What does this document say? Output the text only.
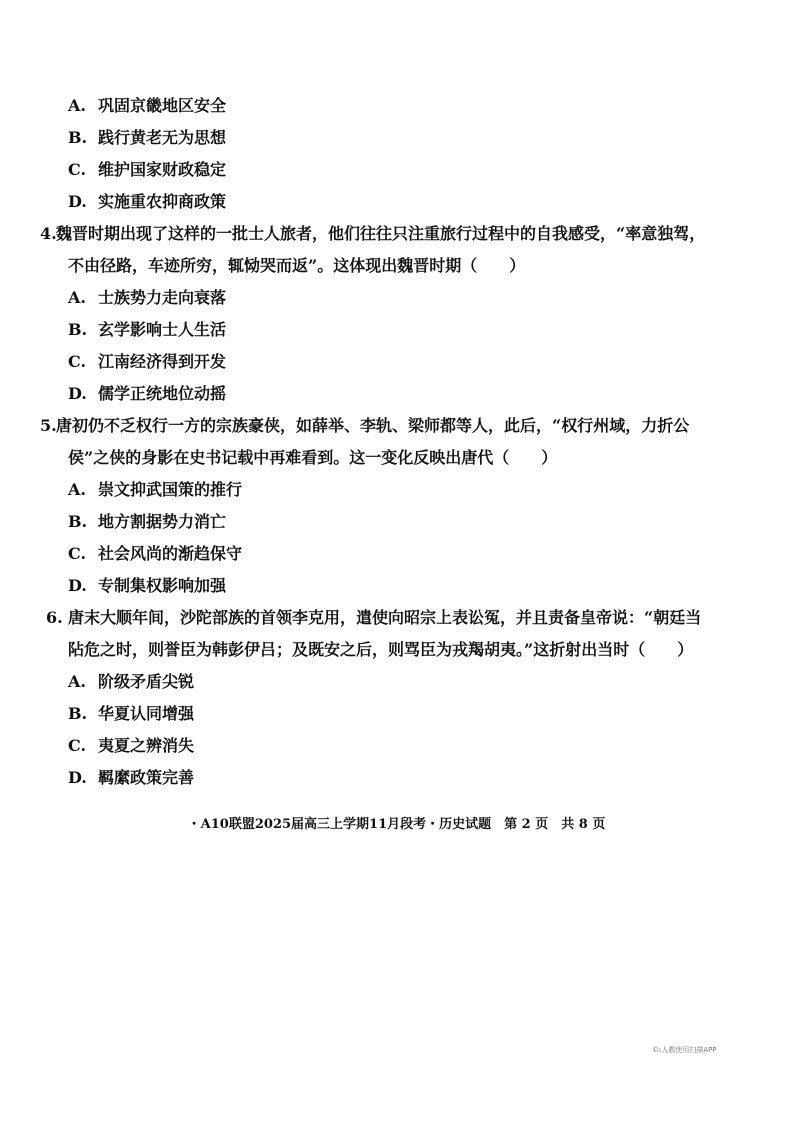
A. 巩固京畿地区安全
B. 践行黄老无为思想
C. 维护国家财政稳定
D. 实施重农抑商政策
4.魏晋时期出现了这样的一批士人旅者，他们往往只注重旅行过程中的自我感受，“率意独驾，
不由径路，车迹所穷，辄恸哭而返”。这体现出魏晋时期（　　）
A. 士族势力走向衰落
B. 玄学影响士人生活
C. 江南经济得到开发
D. 儒学正统地位动摇
5.唐初仍不乏权行一方的宗族豪侠，如薛举、李轨、梁师都等人，此后，“权行州域，力折公
侯”之侠的身影在史书记载中再难看到。这一变化反映出唐代（　　）
A. 崇文抑武国策的推行
B. 地方割据势力消亡
C. 社会风尚的渐趋保守
D. 专制集权影响加强
6. 唐末大顺年间，沙陀部族的首领李克用，遣使向昭宗上表讼冤，并且责备皇帝说：“朝廷当
阽危之时，则誉臣为韩彭伊吕；及既安之后，则骂臣为戎羯胡夷。”这折射出当时（　　）
A. 阶级矛盾尖锐
B. 华夏认同增强
C. 夷夏之辨消失
D. 羁縻政策完善
・A10联盟2025届高三上学期11月段考・历史试题　第 2 页　共 8 页
©ι人教使用扫描APP
